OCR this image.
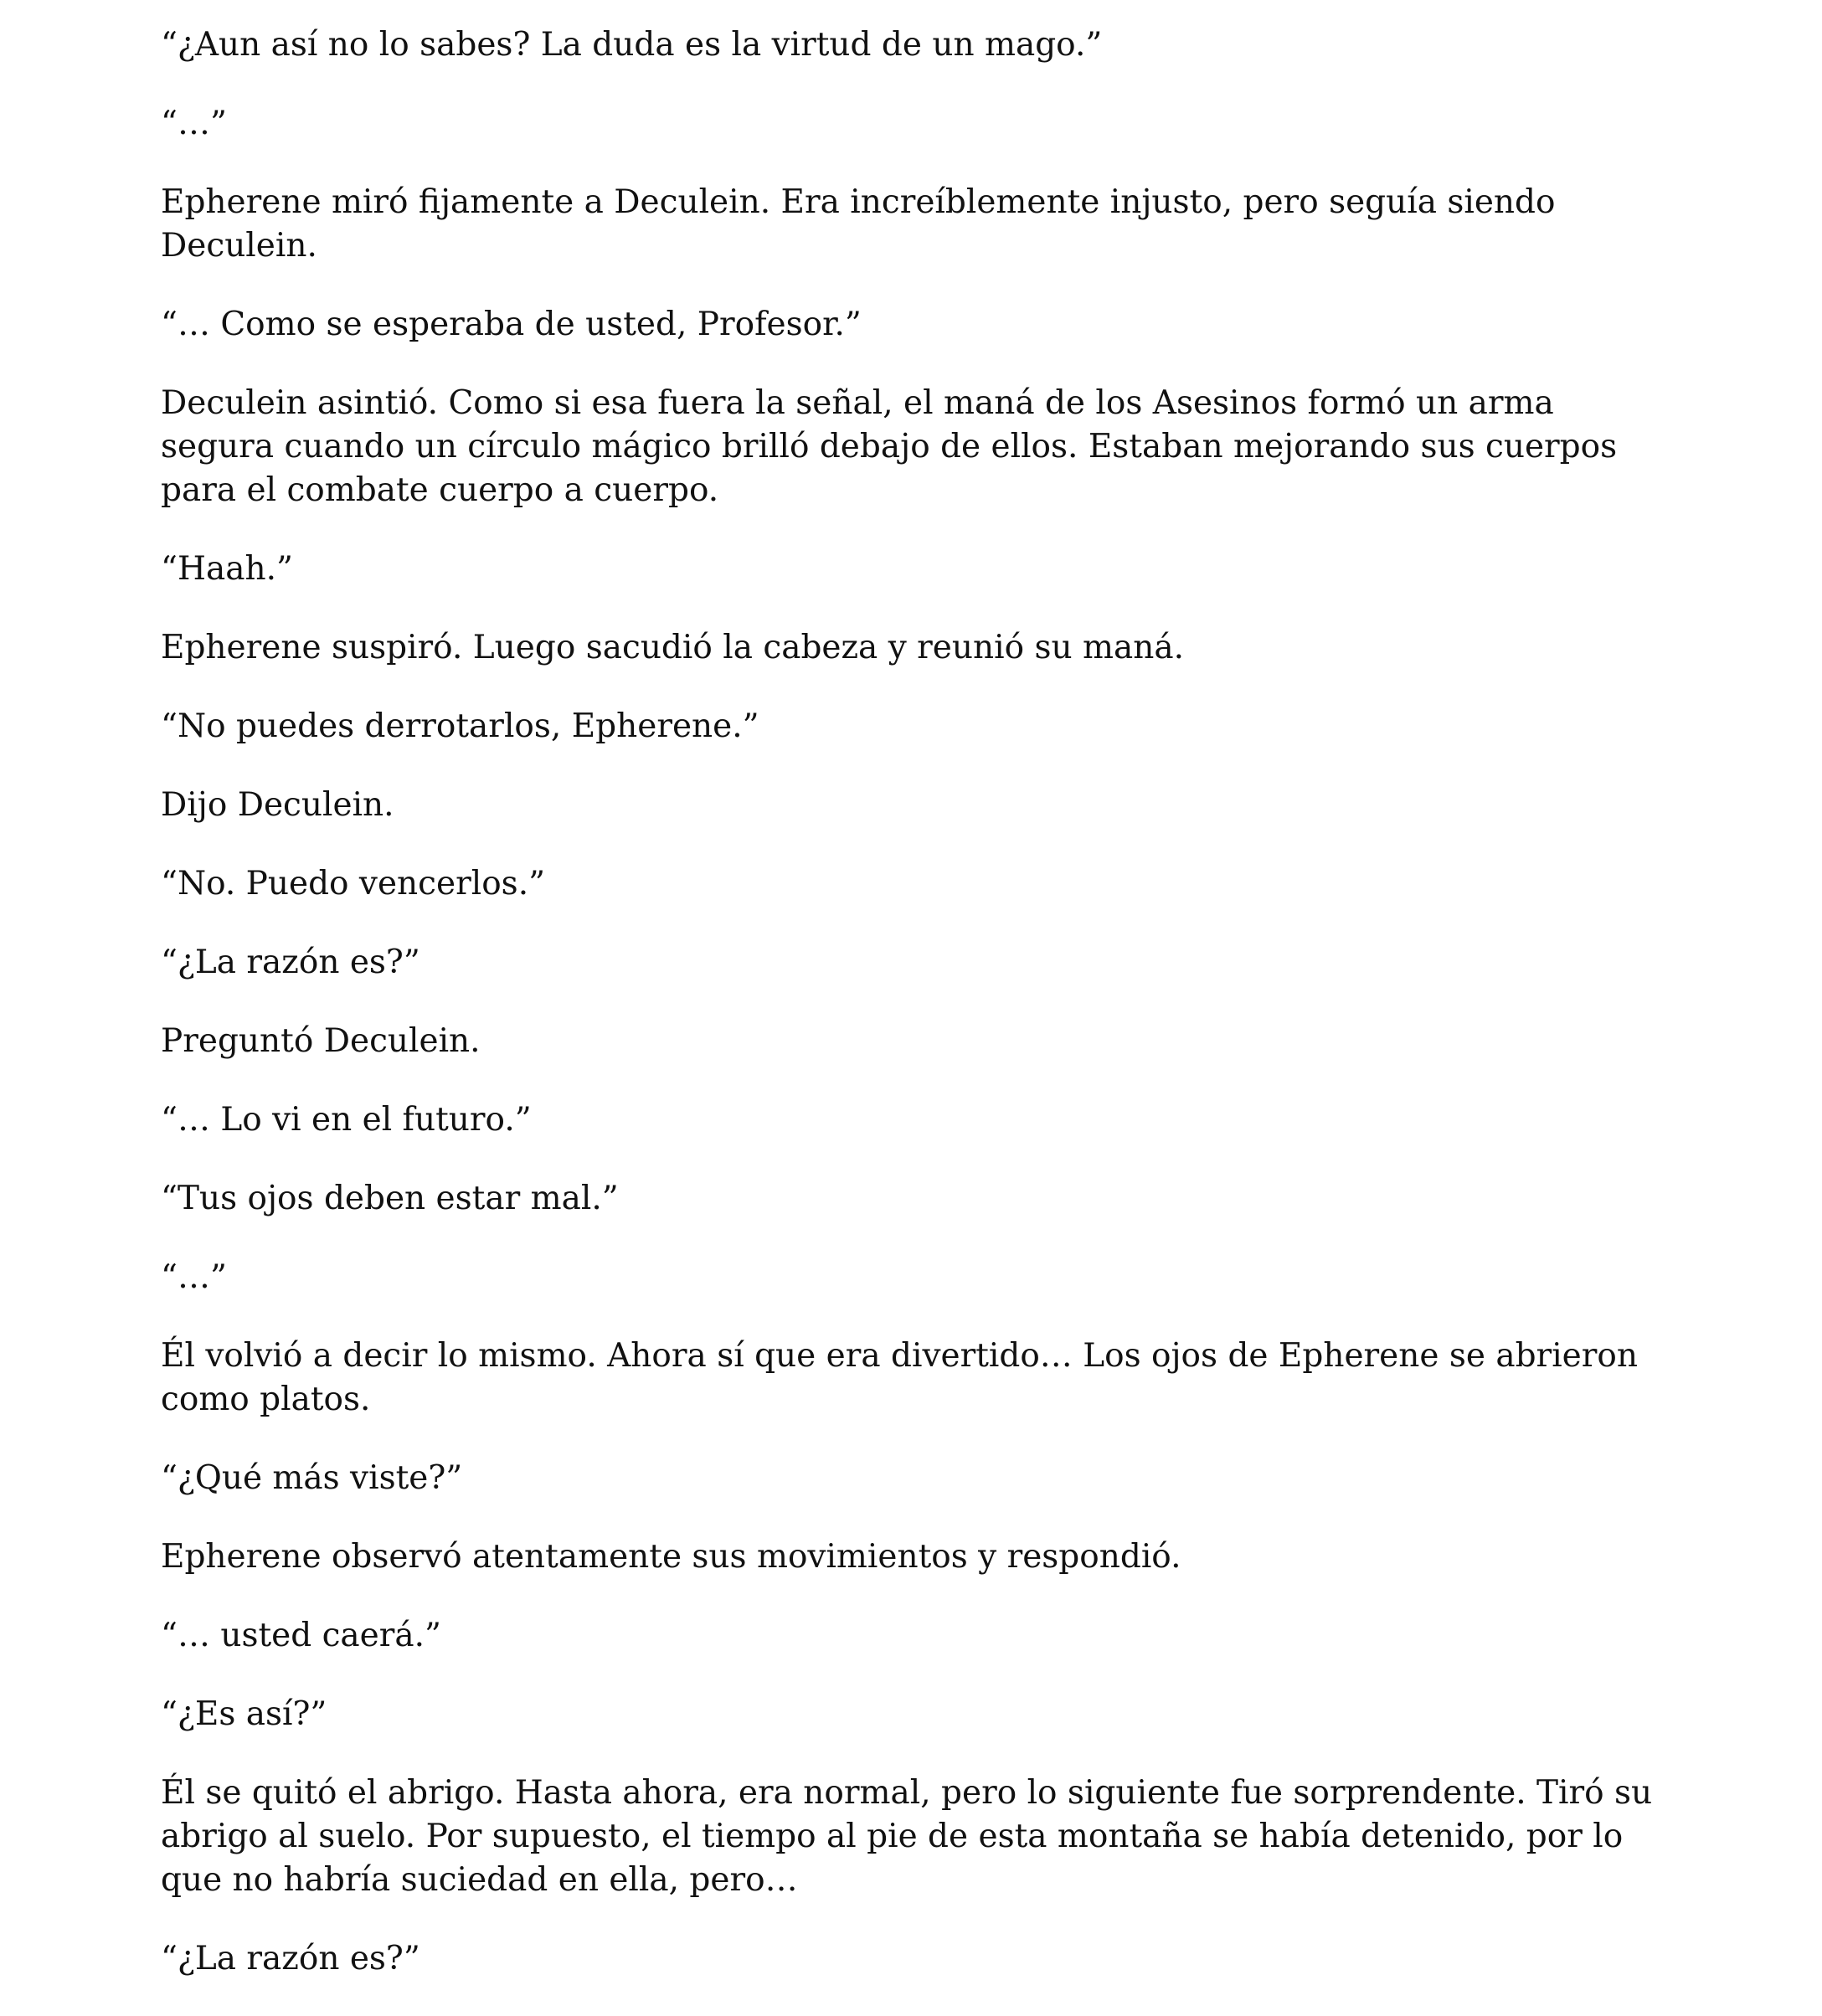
“¿Aun así no lo sabes? La duda es la virtud de un mago.”

“…”

Epherene miró fijamente a Deculein. Era increíblemente injusto, pero seguía siendo Deculein.

“… Como se esperaba de usted, Profesor.”

Deculein asintió. Como si esa fuera la señal, el maná de los Asesinos formó un arma segura cuando un círculo mágico brilló debajo de ellos. Estaban mejorando sus cuerpos para el combate cuerpo a cuerpo.

“Haah.”

Epherene suspiró. Luego sacudió la cabeza y reunió su maná.

“No puedes derrotarlos, Epherene.”

Dijo Deculein.

“No. Puedo vencerlos.”

“¿La razón es?”

Preguntó Deculein.

“… Lo vi en el futuro.”

“Tus ojos deben estar mal.”

“…”

Él volvió a decir lo mismo. Ahora sí que era divertido… Los ojos de Epherene se abrieron como platos.

“¿Qué más viste?”

Epherene observó atentamente sus movimientos y respondió.

“… usted caerá.”

“¿Es así?”

Él se quitó el abrigo. Hasta ahora, era normal, pero lo siguiente fue sorprendente. Tiró su abrigo al suelo. Por supuesto, el tiempo al pie de esta montaña se había detenido, por lo que no habría suciedad en ella, pero…

“¿La razón es?”
